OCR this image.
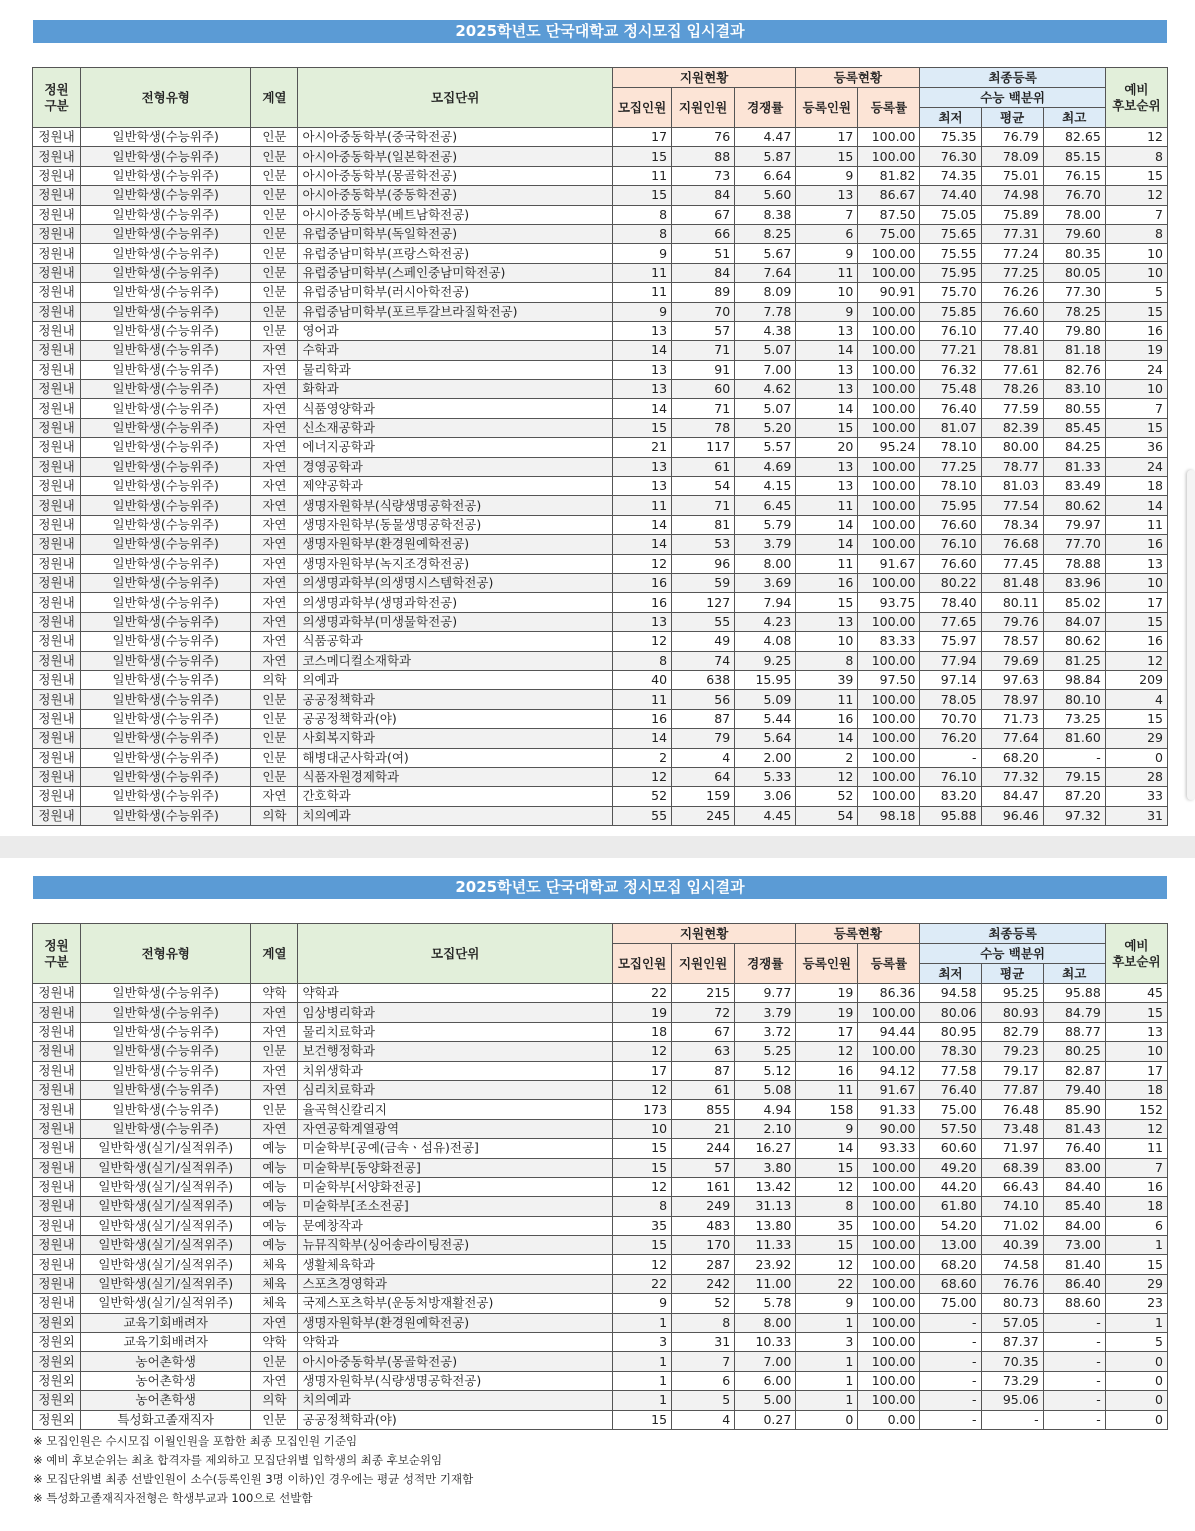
2025학년도 단국대학교 정시모집 입시결과
정원
구분	전형유형	계열	모집단위	지원현황			등록현황		최종등록			예비
후보순위
				모집인원	지원인원	경쟁률	등록인원	등록률	수능 백분위			
									최저	평균	최고	
정원내	일반학생(수능위주)	인문	아시아중동학부(중국학전공)	17	76	4.47	17	100.00	75.35	76.79	82.65	12
정원내	일반학생(수능위주)	인문	아시아중동학부(일본학전공)	15	88	5.87	15	100.00	76.30	78.09	85.15	8
정원내	일반학생(수능위주)	인문	아시아중동학부(몽골학전공)	11	73	6.64	9	81.82	74.35	75.01	76.15	15
정원내	일반학생(수능위주)	인문	아시아중동학부(중동학전공)	15	84	5.60	13	86.67	74.40	74.98	76.70	12
정원내	일반학생(수능위주)	인문	아시아중동학부(베트남학전공)	8	67	8.38	7	87.50	75.05	75.89	78.00	7
정원내	일반학생(수능위주)	인문	유럽중남미학부(독일학전공)	8	66	8.25	6	75.00	75.65	77.31	79.60	8
정원내	일반학생(수능위주)	인문	유럽중남미학부(프랑스학전공)	9	51	5.67	9	100.00	75.55	77.24	80.35	10
정원내	일반학생(수능위주)	인문	유럽중남미학부(스페인중남미학전공)	11	84	7.64	11	100.00	75.95	77.25	80.05	10
정원내	일반학생(수능위주)	인문	유럽중남미학부(러시아학전공)	11	89	8.09	10	90.91	75.70	76.26	77.30	5
정원내	일반학생(수능위주)	인문	유럽중남미학부(포르투갈브라질학전공)	9	70	7.78	9	100.00	75.85	76.60	78.25	15
정원내	일반학생(수능위주)	인문	영어과	13	57	4.38	13	100.00	76.10	77.40	79.80	16
정원내	일반학생(수능위주)	자연	수학과	14	71	5.07	14	100.00	77.21	78.81	81.18	19
정원내	일반학생(수능위주)	자연	물리학과	13	91	7.00	13	100.00	76.32	77.61	82.76	24
정원내	일반학생(수능위주)	자연	화학과	13	60	4.62	13	100.00	75.48	78.26	83.10	10
정원내	일반학생(수능위주)	자연	식품영양학과	14	71	5.07	14	100.00	76.40	77.59	80.55	7
정원내	일반학생(수능위주)	자연	신소재공학과	15	78	5.20	15	100.00	81.07	82.39	85.45	15
정원내	일반학생(수능위주)	자연	에너지공학과	21	117	5.57	20	95.24	78.10	80.00	84.25	36
정원내	일반학생(수능위주)	자연	경영공학과	13	61	4.69	13	100.00	77.25	78.77	81.33	24
정원내	일반학생(수능위주)	자연	제약공학과	13	54	4.15	13	100.00	78.10	81.03	83.49	18
정원내	일반학생(수능위주)	자연	생명자원학부(식량생명공학전공)	11	71	6.45	11	100.00	75.95	77.54	80.62	14
정원내	일반학생(수능위주)	자연	생명자원학부(동물생명공학전공)	14	81	5.79	14	100.00	76.60	78.34	79.97	11
정원내	일반학생(수능위주)	자연	생명자원학부(환경원예학전공)	14	53	3.79	14	100.00	76.10	76.68	77.70	16
정원내	일반학생(수능위주)	자연	생명자원학부(녹지조경학전공)	12	96	8.00	11	91.67	76.60	77.45	78.88	13
정원내	일반학생(수능위주)	자연	의생명과학부(의생명시스템학전공)	16	59	3.69	16	100.00	80.22	81.48	83.96	10
정원내	일반학생(수능위주)	자연	의생명과학부(생명과학전공)	16	127	7.94	15	93.75	78.40	80.11	85.02	17
정원내	일반학생(수능위주)	자연	의생명과학부(미생물학전공)	13	55	4.23	13	100.00	77.65	79.76	84.07	15
정원내	일반학생(수능위주)	자연	식품공학과	12	49	4.08	10	83.33	75.97	78.57	80.62	16
정원내	일반학생(수능위주)	자연	코스메디컬소재학과	8	74	9.25	8	100.00	77.94	79.69	81.25	12
정원내	일반학생(수능위주)	의학	의예과	40	638	15.95	39	97.50	97.14	97.63	98.84	209
정원내	일반학생(수능위주)	인문	공공정책학과	11	56	5.09	11	100.00	78.05	78.97	80.10	4
정원내	일반학생(수능위주)	인문	공공정책학과(야)	16	87	5.44	16	100.00	70.70	71.73	73.25	15
정원내	일반학생(수능위주)	인문	사회복지학과	14	79	5.64	14	100.00	76.20	77.64	81.60	29
정원내	일반학생(수능위주)	인문	해병대군사학과(여)	2	4	2.00	2	100.00	-	68.20	-	0
정원내	일반학생(수능위주)	인문	식품자원경제학과	12	64	5.33	12	100.00	76.10	77.32	79.15	28
정원내	일반학생(수능위주)	자연	간호학과	52	159	3.06	52	100.00	83.20	84.47	87.20	33
정원내	일반학생(수능위주)	의학	치의예과	55	245	4.45	54	98.18	95.88	96.46	97.32	31
2025학년도 단국대학교 정시모집 입시결과
정원
구분	전형유형	계열	모집단위	지원현황			등록현황		최종등록			예비
후보순위
				모집인원	지원인원	경쟁률	등록인원	등록률	수능 백분위			
									최저	평균	최고	
정원내	일반학생(수능위주)	약학	약학과	22	215	9.77	19	86.36	94.58	95.25	95.88	45
정원내	일반학생(수능위주)	자연	임상병리학과	19	72	3.79	19	100.00	80.06	80.93	84.79	15
정원내	일반학생(수능위주)	자연	물리치료학과	18	67	3.72	17	94.44	80.95	82.79	88.77	13
정원내	일반학생(수능위주)	인문	보건행정학과	12	63	5.25	12	100.00	78.30	79.23	80.25	10
정원내	일반학생(수능위주)	자연	치위생학과	17	87	5.12	16	94.12	77.58	79.17	82.87	17
정원내	일반학생(수능위주)	자연	심리치료학과	12	61	5.08	11	91.67	76.40	77.87	79.40	18
정원내	일반학생(수능위주)	인문	율곡혁신칼리지	173	855	4.94	158	91.33	75.00	76.48	85.90	152
정원내	일반학생(수능위주)	자연	자연공학계열광역	10	21	2.10	9	90.00	57.50	73.48	81.43	12
정원내	일반학생(실기/실적위주)	예능	미술학부[공예(금속ㆍ섬유)전공]	15	244	16.27	14	93.33	60.60	71.97	76.40	11
정원내	일반학생(실기/실적위주)	예능	미술학부[동양화전공]	15	57	3.80	15	100.00	49.20	68.39	83.00	7
정원내	일반학생(실기/실적위주)	예능	미술학부[서양화전공]	12	161	13.42	12	100.00	44.20	66.43	84.40	16
정원내	일반학생(실기/실적위주)	예능	미술학부[조소전공]	8	249	31.13	8	100.00	61.80	74.10	85.40	18
정원내	일반학생(실기/실적위주)	예능	문예창작과	35	483	13.80	35	100.00	54.20	71.02	84.00	6
정원내	일반학생(실기/실적위주)	예능	뉴뮤직학부(싱어송라이팅전공)	15	170	11.33	15	100.00	13.00	40.39	73.00	1
정원내	일반학생(실기/실적위주)	체육	생활체육학과	12	287	23.92	12	100.00	68.20	74.58	81.40	15
정원내	일반학생(실기/실적위주)	체육	스포츠경영학과	22	242	11.00	22	100.00	68.60	76.76	86.40	29
정원내	일반학생(실기/실적위주)	체육	국제스포츠학부(운동처방재활전공)	9	52	5.78	9	100.00	75.00	80.73	88.60	23
정원외	교육기회배려자	자연	생명자원학부(환경원예학전공)	1	8	8.00	1	100.00	-	57.05	-	1
정원외	교육기회배려자	약학	약학과	3	31	10.33	3	100.00	-	87.37	-	5
정원외	농어촌학생	인문	아시아중동학부(몽골학전공)	1	7	7.00	1	100.00	-	70.35	-	0
정원외	농어촌학생	자연	생명자원학부(식량생명공학전공)	1	6	6.00	1	100.00	-	73.29	-	0
정원외	농어촌학생	의학	치의예과	1	5	5.00	1	100.00	-	95.06	-	0
정원외	특성화고졸재직자	인문	공공정책학과(야)	15	4	0.27	0	0.00	-	-	-	0
※ 모집인원은 수시모집 이월인원을 포함한 최종 모집인원 기준임
※ 예비 후보순위는 최초 합격자를 제외하고 모집단위별 입학생의 최종 후보순위임
※ 모집단위별 최종 선발인원이 소수(등록인원 3명 이하)인 경우에는 평균 성적만 기재함
※ 특성화고졸재직자전형은 학생부교과 100으로 선발함
